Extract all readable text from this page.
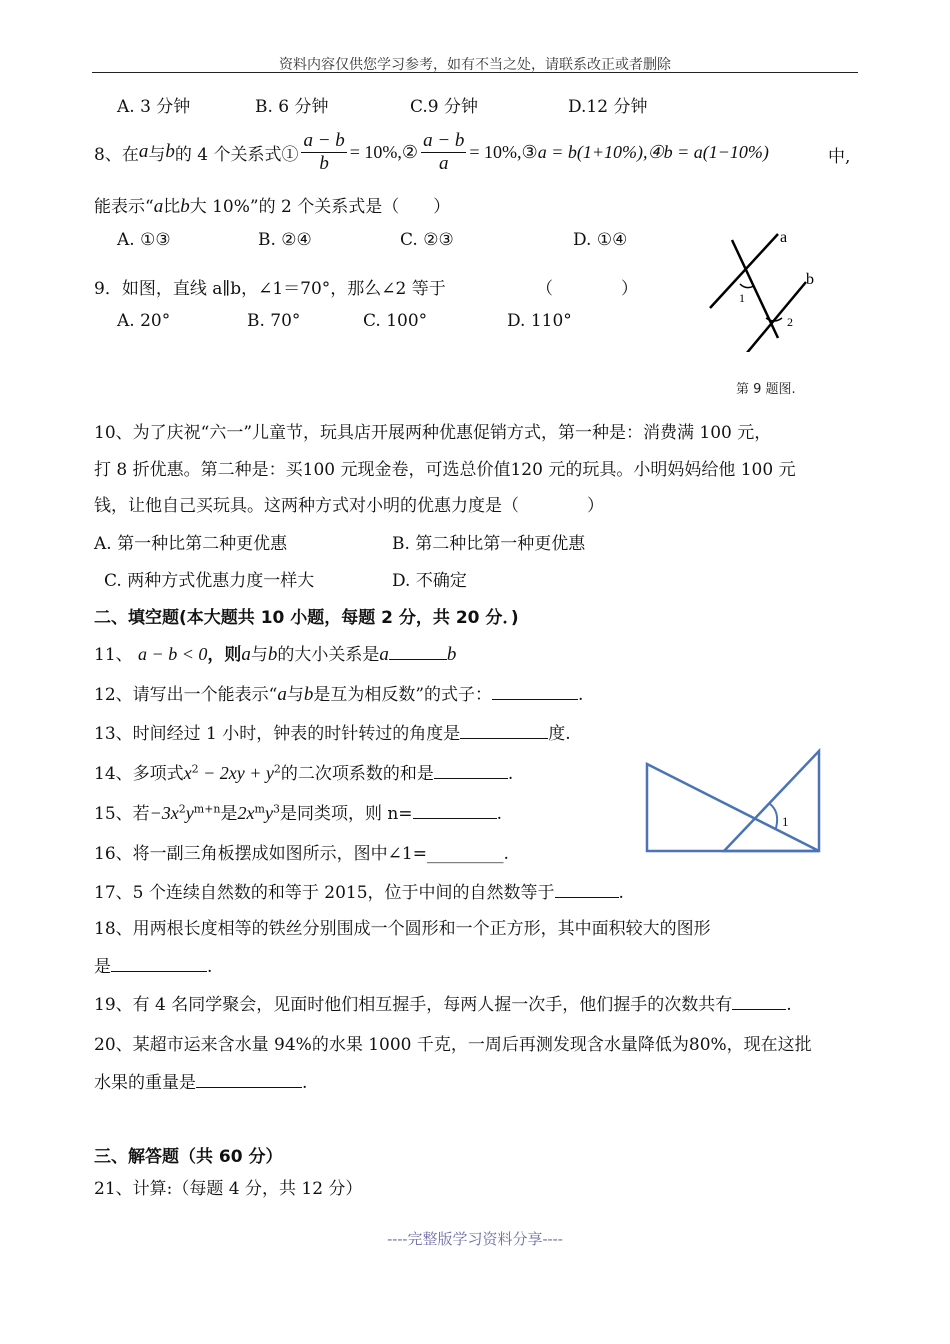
资料内容仅供您学习参考，如有不当之处，请联系改正或者删除
A. 3 分钟	B. 6 分钟	C.9 分钟	D.12 分钟
8、在 a 与 b 的 4 个关系式① $\frac{a - b}{b}$ = 10%,② $\frac{a - b}{a}$ = 10%,③ a = b(1+10%),④ b = a(1−10%)	中,
能表示“a比b大 10%”的 2 个关系式是（　　）
A. ①③	B. ②④	C. ②③	D. ①④	a
b
1
2
9．如图，直线 a∥b，∠1＝70°，那么∠2 等于	（　　　　）
A. 20°	B. 70°	C. 100°	D. 110°
第 9 题图.
10、为了庆祝“六一”儿童节，玩具店开展两种优惠促销方式，第一种是：消费满 100 元，
打 8 折优惠。第二种是：买100 元现金卷，可选总价值120 元的玩具。小明妈妈给他 100 元
钱，让他自己买玩具。这两种方式对小明的优惠力度是（　　　　）
A. 第一种比第二种更优惠	B. 第二种比第一种更优惠
C. 两种方式优惠力度一样大	D. 不确定
二、填空题(本大题共 10 小题，每题 2 分，共 20 分．)
11、 a − b < 0，则a与b的大小关系是a	b
12、请写出一个能表示“a与b是互为相反数”的式子：	.
13、时间经过 1 小时，钟表的时针转过的角度是	度.
14、多项式$x^2 - 2xy + y^2$的二次项系数的和是	.
15、若$-3x^2y^{m+n}$是$2x^my^3$是同类项，则 n=	.
16、将一副三角板摆成如图所示，图中∠1=_________.
1
17、5 个连续自然数的和等于 2015，位于中间的自然数等于	.
18、用两根长度相等的铁丝分别围成一个圆形和一个正方形，其中面积较大的图形
是	.
19、有 4 名同学聚会，见面时他们相互握手，每两人握一次手，他们握手的次数共有	.
20、某超市运来含水量 94%的水果 1000 千克，一周后再测发现含水量降低为80%，现在这批
水果的重量是	.
三、解答题（共 60 分）
21、计算:（每题 4 分，共 12 分）
----完整版学习资料分享----
